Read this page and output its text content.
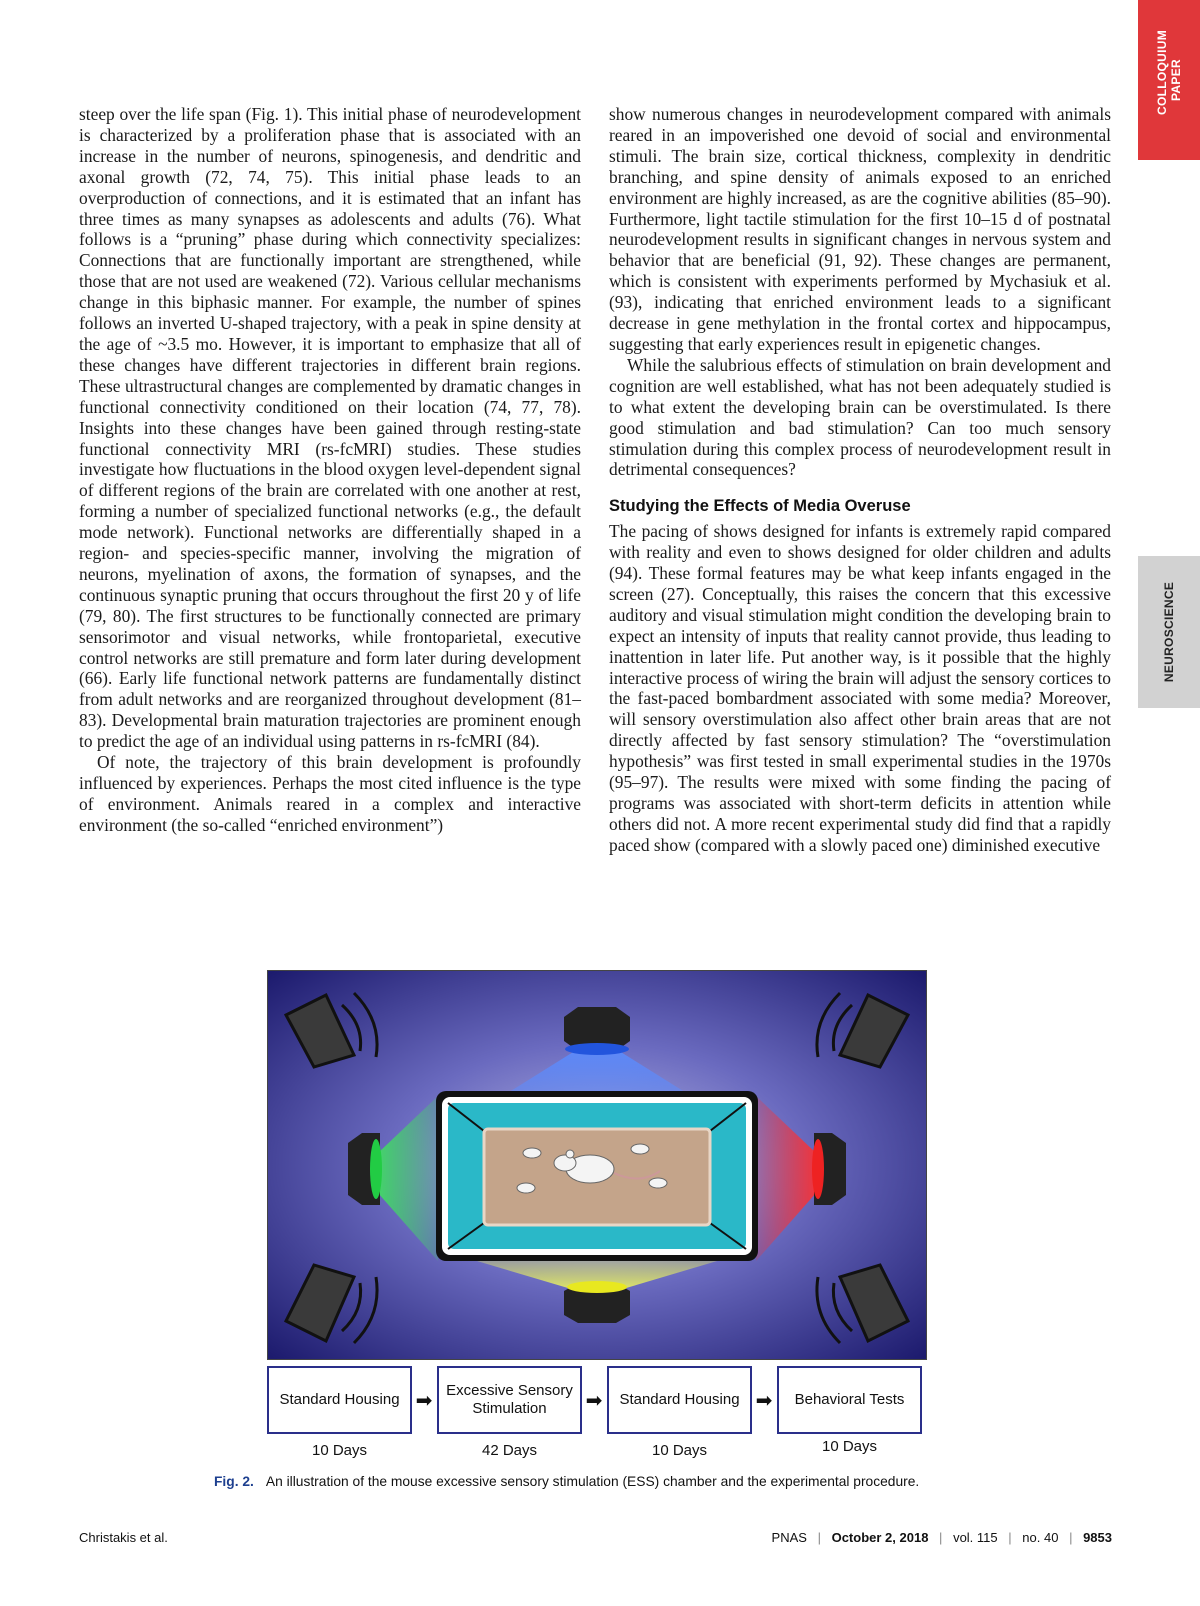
COLLOQUIUM PAPER
NEUROSCIENCE

steep over the life span (Fig. 1). This initial phase of neurodevelopment is characterized by a proliferation phase that is associated with an increase in the number of neurons, spinogenesis, and dendritic and axonal growth (72, 74, 75). This initial phase leads to an overproduction of connections, and it is estimated that an infant has three times as many synapses as adolescents and adults (76). What follows is a “pruning” phase during which connectivity specializes: Connections that are functionally important are strengthened, while those that are not used are weakened (72). Various cellular mechanisms change in this biphasic manner. For example, the number of spines follows an inverted U-shaped trajectory, with a peak in spine density at the age of ~3.5 mo. However, it is important to emphasize that all of these changes have different trajectories in different brain regions. These ultrastructural changes are complemented by dramatic changes in functional connectivity conditioned on their location (74, 77, 78). Insights into these changes have been gained through resting-state functional connectivity MRI (rs-fcMRI) studies. These studies investigate how fluctuations in the blood oxygen level-dependent signal of different regions of the brain are correlated with one another at rest, forming a number of specialized functional networks (e.g., the default mode network). Functional networks are differentially shaped in a region- and species-specific manner, involving the migration of neurons, myelination of axons, the formation of synapses, and the continuous synaptic pruning that occurs throughout the first 20 y of life (79, 80). The first structures to be functionally connected are primary sensorimotor and visual networks, while frontoparietal, executive control networks are still premature and form later during development (66). Early life functional network patterns are fundamentally distinct from adult networks and are reorganized throughout development (81–83). Developmental brain maturation trajectories are prominent enough to predict the age of an individual using patterns in rs-fcMRI (84).

Of note, the trajectory of this brain development is profoundly influenced by experiences. Perhaps the most cited influence is the type of environment. Animals reared in a complex and interactive environment (the so-called “enriched environment”)

show numerous changes in neurodevelopment compared with animals reared in an impoverished one devoid of social and environmental stimuli. The brain size, cortical thickness, complexity in dendritic branching, and spine density of animals exposed to an enriched environment are highly increased, as are the cognitive abilities (85–90). Furthermore, light tactile stimulation for the first 10–15 d of postnatal neurodevelopment results in significant changes in nervous system and behavior that are beneficial (91, 92). These changes are permanent, which is consistent with experiments performed by Mychasiuk et al. (93), indicating that enriched environment leads to a significant decrease in gene methylation in the frontal cortex and hippocampus, suggesting that early experiences result in epigenetic changes.

While the salubrious effects of stimulation on brain development and cognition are well established, what has not been adequately studied is to what extent the developing brain can be overstimulated. Is there good stimulation and bad stimulation? Can too much sensory stimulation during this complex process of neurodevelopment result in detrimental consequences?

Studying the Effects of Media Overuse

The pacing of shows designed for infants is extremely rapid compared with reality and even to shows designed for older children and adults (94). These formal features may be what keep infants engaged in the screen (27). Conceptually, this raises the concern that this excessive auditory and visual stimulation might condition the developing brain to expect an intensity of inputs that reality cannot provide, thus leading to inattention in later life. Put another way, is it possible that the highly interactive process of wiring the brain will adjust the sensory cortices to the fast-paced bombardment associated with some media? Moreover, will sensory overstimulation also affect other brain areas that are not directly affected by fast sensory stimulation? The “overstimulation hypothesis” was first tested in small experimental studies in the 1970s (95–97). The results were mixed with some finding the pacing of programs was associated with short-term deficits in attention while others did not. A more recent experimental study did find that a rapidly paced show (compared with a slowly paced one) diminished executive

Standard Housing ➡ Excessive Sensory Stimulation	➡	Standard Housing ➡	Behavioral Tests
10 Days	42 Days	10 Days	10 Days
Fig. 2. An illustration of the mouse excessive sensory stimulation (ESS) chamber and the experimental procedure.
Christakis et al.	PNAS | October 2, 2018 | vol. 115 | no. 40 | 9853
